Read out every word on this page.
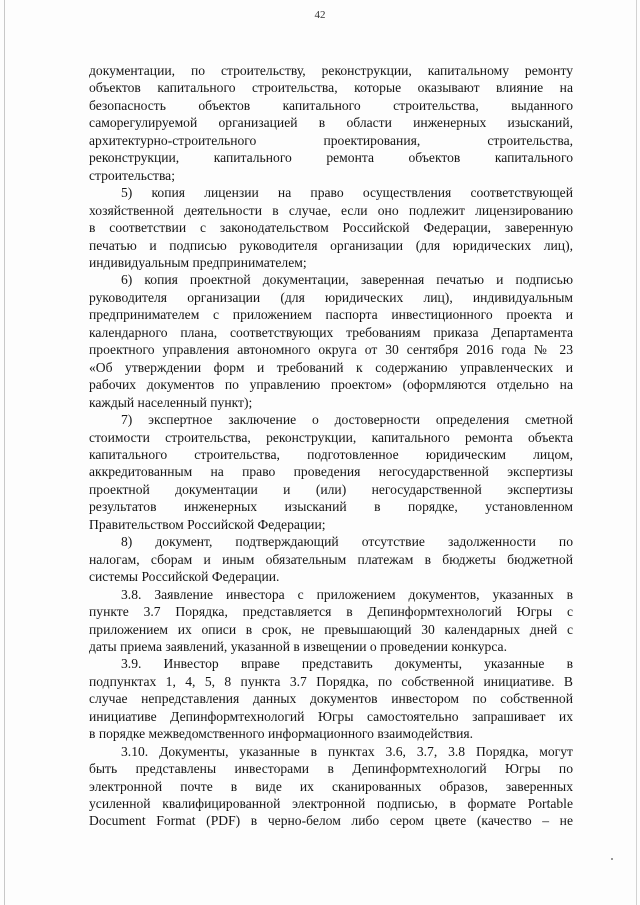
42
документации, по строительству, реконструкции, капитальному ремонту
объектов капитального строительства, которые оказывают влияние на
безопасность объектов капитального строительства, выданного
саморегулируемой организацией в области инженерных изысканий,
архитектурно-строительного проектирования, строительства,
реконструкции, капитального ремонта объектов капитального
строительства;
5) копия лицензии на право осуществления соответствующей
хозяйственной деятельности в случае, если оно подлежит лицензированию
в соответствии с законодательством Российской Федерации, заверенную
печатью и подписью руководителя организации (для юридических лиц),
индивидуальным предпринимателем;
6) копия проектной документации, заверенная печатью и подписью
руководителя организации (для юридических лиц), индивидуальным
предпринимателем с приложением паспорта инвестиционного проекта и
календарного плана, соответствующих требованиям приказа Департамента
проектного управления автономного округа от 30 сентября 2016 года № 23
«Об утверждении форм и требований к содержанию управленческих и
рабочих документов по управлению проектом» (оформляются отдельно на
каждый населенный пункт);
7) экспертное заключение о достоверности определения сметной
стоимости строительства, реконструкции, капитального ремонта объекта
капитального строительства, подготовленное юридическим лицом,
аккредитованным на право проведения негосударственной экспертизы
проектной документации и (или) негосударственной экспертизы
результатов инженерных изысканий в порядке, установленном
Правительством Российской Федерации;
8) документ, подтверждающий отсутствие задолженности по
налогам, сборам и иным обязательным платежам в бюджеты бюджетной
системы Российской Федерации.
3.8. Заявление инвестора с приложением документов, указанных в
пункте 3.7 Порядка, представляется в Депинформтехнологий Югры с
приложением их описи в срок, не превышающий 30 календарных дней с
даты приема заявлений, указанной в извещении о проведении конкурса.
3.9. Инвестор вправе представить документы, указанные в
подпунктах 1, 4, 5, 8 пункта 3.7 Порядка, по собственной инициативе. В
случае непредставления данных документов инвестором по собственной
инициативе Депинформтехнологий Югры самостоятельно запрашивает их
в порядке межведомственного информационного взаимодействия.
3.10. Документы, указанные в пунктах 3.6, 3.7, 3.8 Порядка, могут
быть представлены инвесторами в Депинформтехнологий Югры по
электронной почте в виде их сканированных образов, заверенных
усиленной квалифицированной электронной подписью, в формате Portable
Document Format (PDF) в черно-белом либо сером цвете (качество – не
